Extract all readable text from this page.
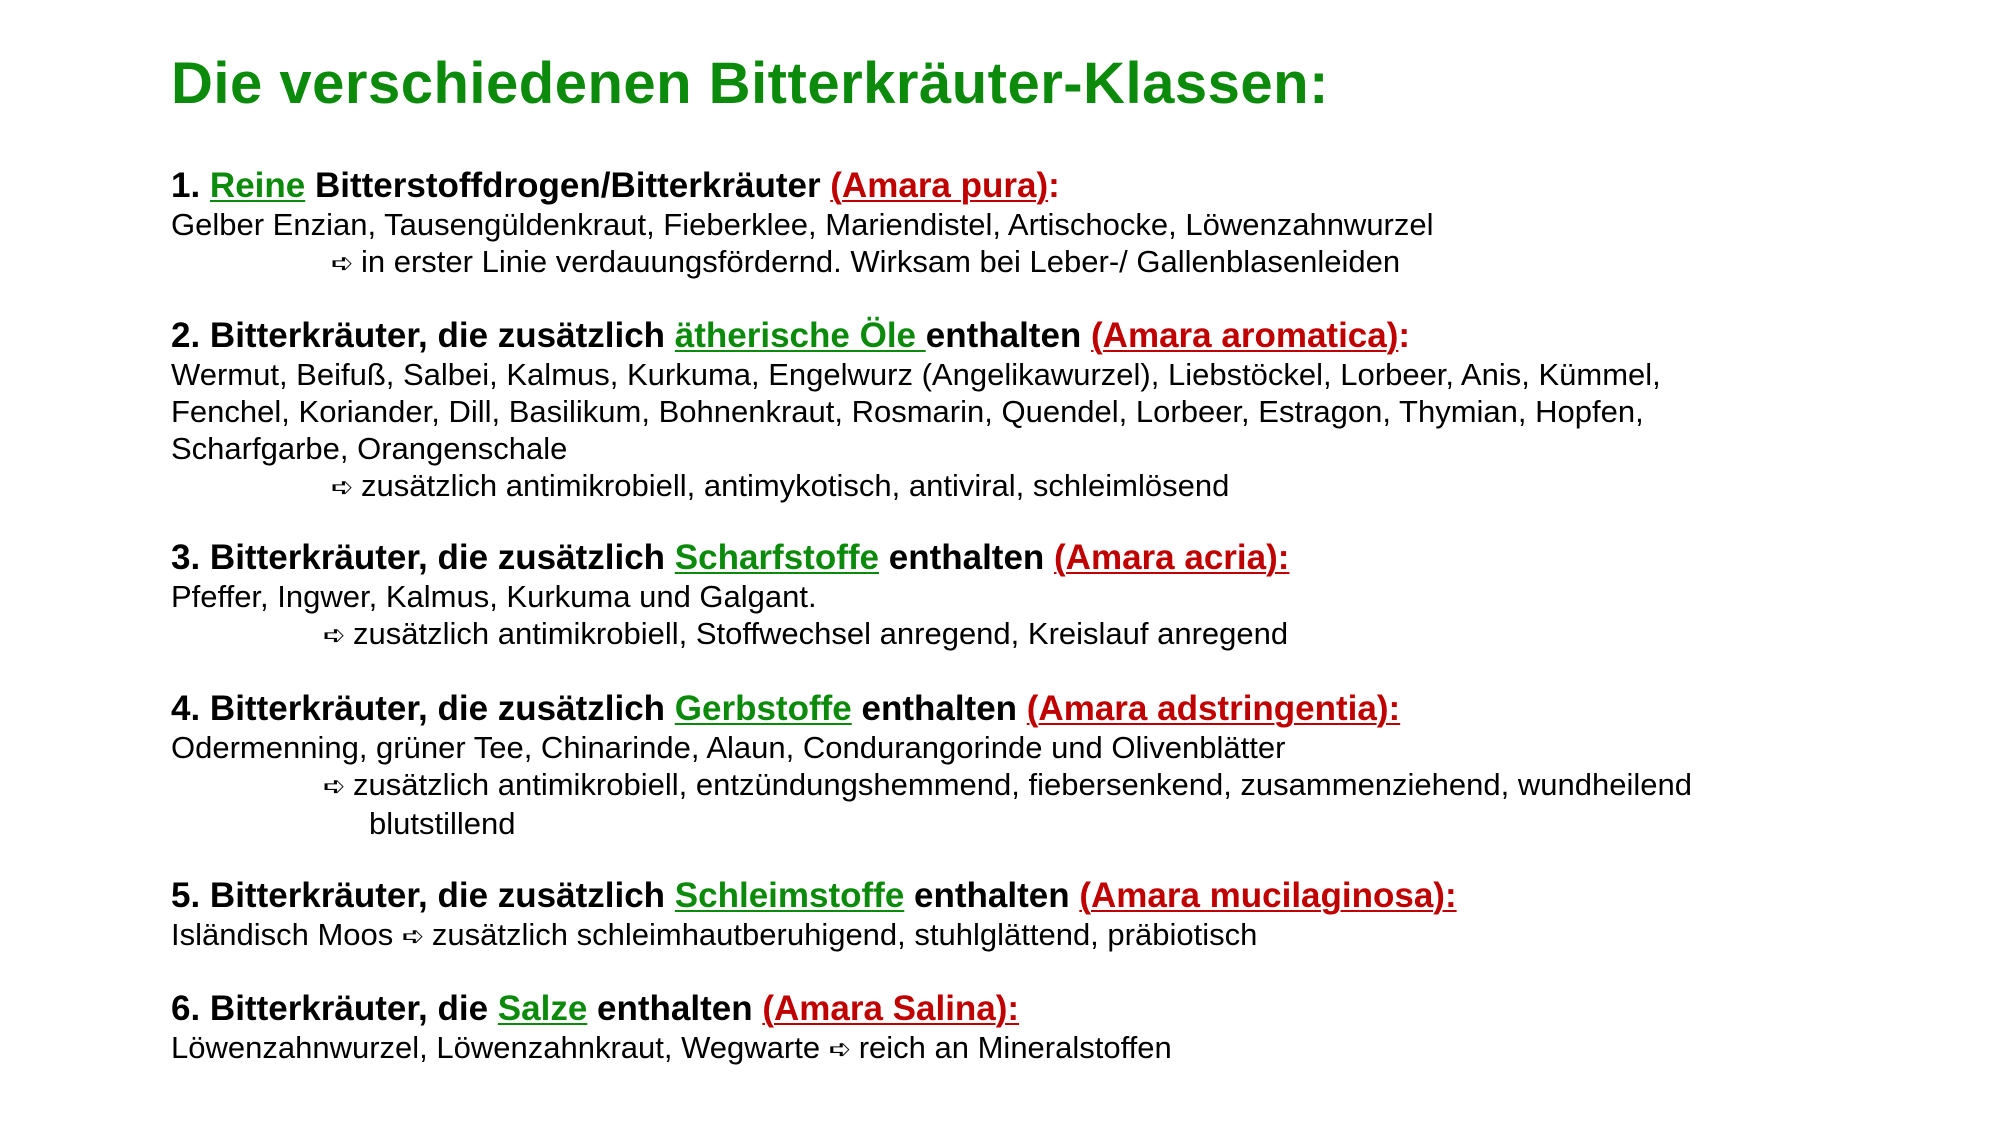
Die verschiedenen Bitterkräuter-Klassen:
1. Reine Bitterstoffdrogen/Bitterkräuter (Amara pura):
Gelber Enzian, Tausengüldenkraut, Fieberklee, Mariendistel, Artischocke, Löwenzahnwurzel
➪ in erster Linie verdauungsfördernd. Wirksam bei Leber-/ Gallenblasenleiden
2. Bitterkräuter, die zusätzlich ätherische Öle enthalten (Amara aromatica):
Wermut, Beifuß, Salbei, Kalmus, Kurkuma, Engelwurz (Angelikawurzel), Liebstöckel, Lorbeer, Anis, Kümmel,
Fenchel, Koriander, Dill, Basilikum, Bohnenkraut, Rosmarin, Quendel, Lorbeer, Estragon, Thymian, Hopfen,
Scharfgarbe, Orangenschale
➪ zusätzlich antimikrobiell, antimykotisch, antiviral, schleimlösend
3. Bitterkräuter, die zusätzlich Scharfstoffe enthalten (Amara acria):
Pfeffer, Ingwer, Kalmus, Kurkuma und Galgant.
➪ zusätzlich antimikrobiell, Stoffwechsel anregend, Kreislauf anregend
4. Bitterkräuter, die zusätzlich Gerbstoffe enthalten (Amara adstringentia):
Odermenning, grüner Tee, Chinarinde, Alaun, Condurangorinde und Olivenblätter
➪ zusätzlich antimikrobiell, entzündungshemmend, fiebersenkend, zusammenziehend, wundheilend
blutstillend
5. Bitterkräuter, die zusätzlich Schleimstoffe enthalten (Amara mucilaginosa):
Isländisch Moos ➪ zusätzlich schleimhautberuhigend, stuhlglättend, präbiotisch
6. Bitterkräuter, die Salze enthalten (Amara Salina):
Löwenzahnwurzel, Löwenzahnkraut, Wegwarte ➪ reich an Mineralstoffen
